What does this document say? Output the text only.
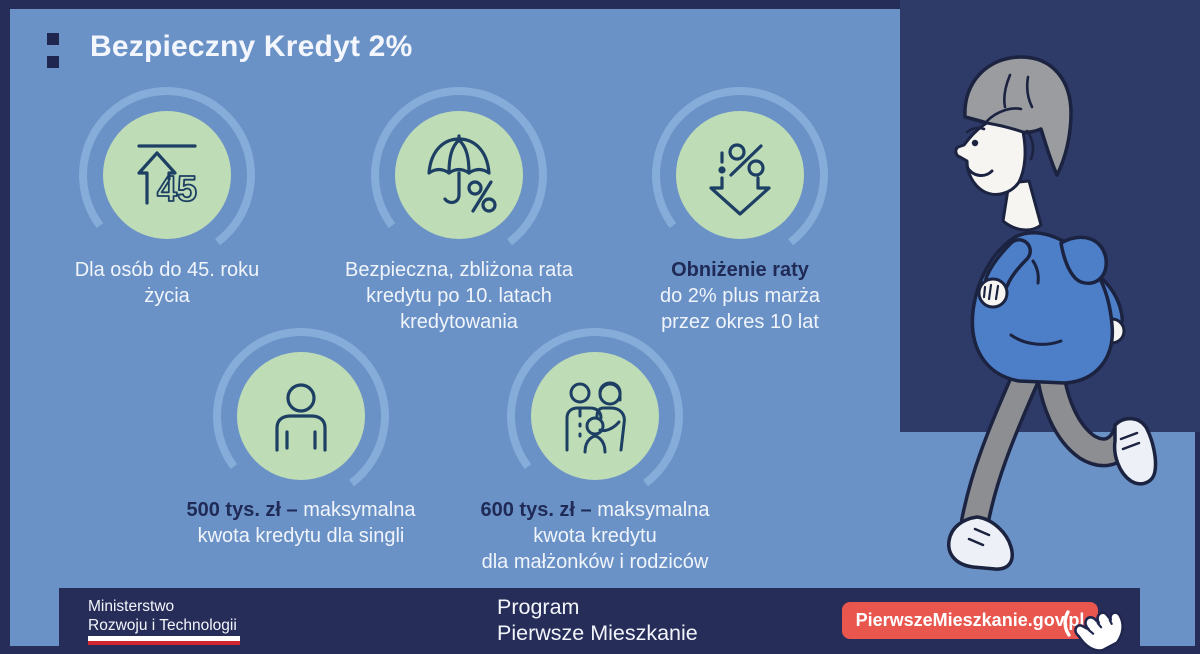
Bezpieczny Kredyt 2%
45
Dla osób do 45. roku
życia
Bezpieczna, zbliżona rata
kredytu po 10. latach
kredytowania
Obniżenie raty
do 2% plus marża
przez okres 10 lat
500 tys. zł – maksymalna
kwota kredytu dla singli
600 tys. zł – maksymalna
kwota kredytu
dla małżonków i rodziców
Ministerstwo
Rozwoju i Technologii
Program
Pierwsze Mieszkanie
PierwszeMieszkanie.gov.pl
